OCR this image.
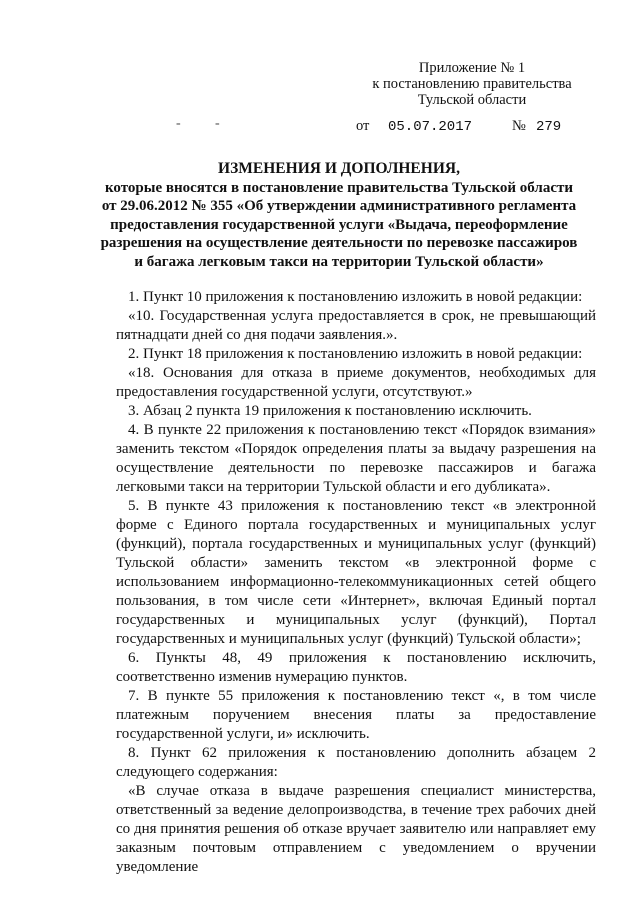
Приложение № 1
к постановлению правительства
Тульской области
- -	от 05.07.2017	№ 279
ИЗМЕНЕНИЯ И ДОПОЛНЕНИЯ,
которые вносятся в постановление правительства Тульской области
от 29.06.2012 № 355 «Об утверждении административного регламента
предоставления государственной услуги «Выдача, переоформление
разрешения на осуществление деятельности по перевозке пассажиров
и багажа легковым такси на территории Тульской области»

1. Пункт 10 приложения к постановлению изложить в новой редакции:

«10. Государственная услуга предоставляется в срок, не превышающий пятнадцати дней со дня подачи заявления.».

2. Пункт 18 приложения к постановлению изложить в новой редакции:

«18. Основания для отказа в приеме документов, необходимых для предоставления государственной услуги, отсутствуют.»

3. Абзац 2 пункта 19 приложения к постановлению исключить.

4. В пункте 22 приложения к постановлению текст «Порядок взимания» заменить текстом «Порядок определения платы за выдачу разрешения на осуществление деятельности по перевозке пассажиров и багажа легковыми такси на территории Тульской области и его дубликата».

5. В пункте 43 приложения к постановлению текст «в электронной форме с Единого портала государственных и муниципальных услуг (функций), портала государственных и муниципальных услуг (функций) Тульской области» заменить текстом «в электронной форме с использованием информационно-телекоммуникационных сетей общего пользования, в том числе сети «Интернет», включая Единый портал государственных и муниципальных услуг (функций), Портал государственных и муниципальных услуг (функций) Тульской области»;

6. Пункты 48, 49 приложения к постановлению исключить, соответственно изменив нумерацию пунктов.

7. В пункте 55 приложения к постановлению текст «, в том числе платежным поручением внесения платы за предоставление государственной услуги, и» исключить.

8. Пункт 62 приложения к постановлению дополнить абзацем 2 следующего содержания:

«В случае отказа в выдаче разрешения специалист министерства, ответственный за ведение делопроизводства, в течение трех рабочих дней со дня принятия решения об отказе вручает заявителю или направляет ему заказным почтовым отправлением с уведомлением о вручении уведомление
